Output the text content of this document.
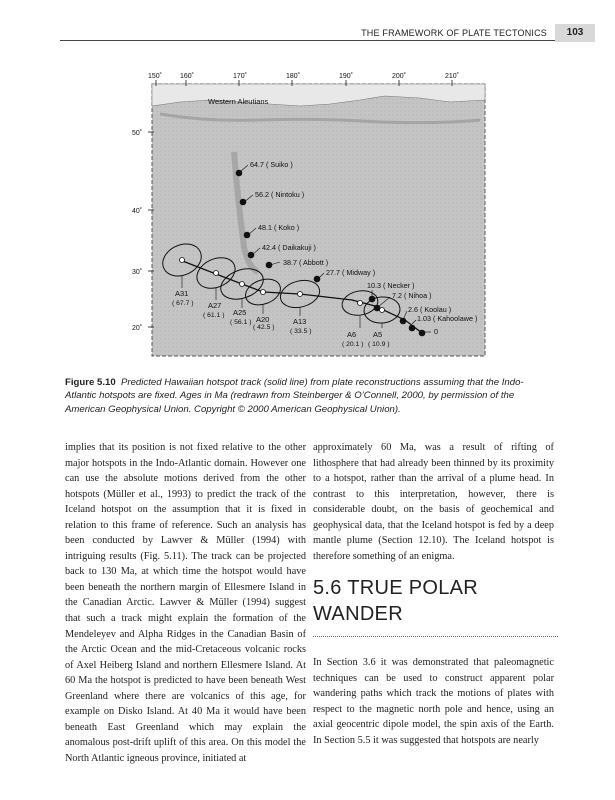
THE FRAMEWORK OF PLATE TECTONICS	103
150˚	160˚	170˚	180˚	190˚	200˚	210˚
50˚
40˚
30˚
20˚
Western Aleutians
64.7 ( Suiko )
56.2 ( Nintoku )
48.1 ( Koko )
42.4 ( Daikakuji )
38.7 ( Abbott )
27.7 ( Midway )
10.3 ( Necker )
7.2 ( Nihoa )
2.6 ( Koolau )
1.03 ( Kahoolawe )
0
A31
( 67.7 ) A27
( 61.1 ) A25
( 56.1 ) A20
( 42.5 )
A13
( 33.5 )	A6
( 20.1 )
A5
( 10.9 )
Figure 5.10 Predicted Hawaiian hotspot track (solid line) from plate reconstructions assuming that the Indo-Atlantic hotspots are fixed. Ages in Ma (redrawn from Steinberger & O’Connell, 2000, by permission of the American Geophysical Union. Copyright © 2000 American Geophysical Union).
implies that its position is not fixed relative to the other major hotspots in the Indo-Atlantic domain. However one can use the absolute motions derived from the other hotspots (Müller et al., 1993) to predict the track of the Iceland hotspot on the assumption that it is fixed in relation to this frame of reference. Such an analysis has been conducted by Lawver & Müller (1994) with intriguing results (Fig. 5.11). The track can be projected back to 130 Ma, at which time the hotspot would have been beneath the northern margin of Ellesmere Island in the Canadian Arctic. Lawver & Müller (1994) suggest that such a track might explain the formation of the Mendeleyev and Alpha Ridges in the Canadian Basin of the Arctic Ocean and the mid-Cretaceous volcanic rocks of Axel Heiberg Island and northern Ellesmere Island. At 60 Ma the hotspot is predicted to have been beneath West Greenland where there are volcanics of this age, for example on Disko Island. At 40 Ma it would have been beneath East Greenland which may explain the anomalous post-drift uplift of this area. On this model the North Atlantic igneous province, initiated at
approximately 60 Ma, was a result of rifting of lithosphere that had already been thinned by its proximity to a hotspot, rather than the arrival of a plume head. In contrast to this interpretation, however, there is considerable doubt, on the basis of geochemical and geophysical data, that the Iceland hotspot is fed by a deep mantle plume (Section 12.10). The Iceland hotspot is therefore something of an enigma.
5.6 TRUE POLAR WANDER
In Section 3.6 it was demonstrated that paleomagnetic techniques can be used to construct apparent polar wandering paths which track the motions of plates with respect to the magnetic north pole and hence, using an axial geocentric dipole model, the spin axis of the Earth. In Section 5.5 it was suggested that hotspots are nearly
